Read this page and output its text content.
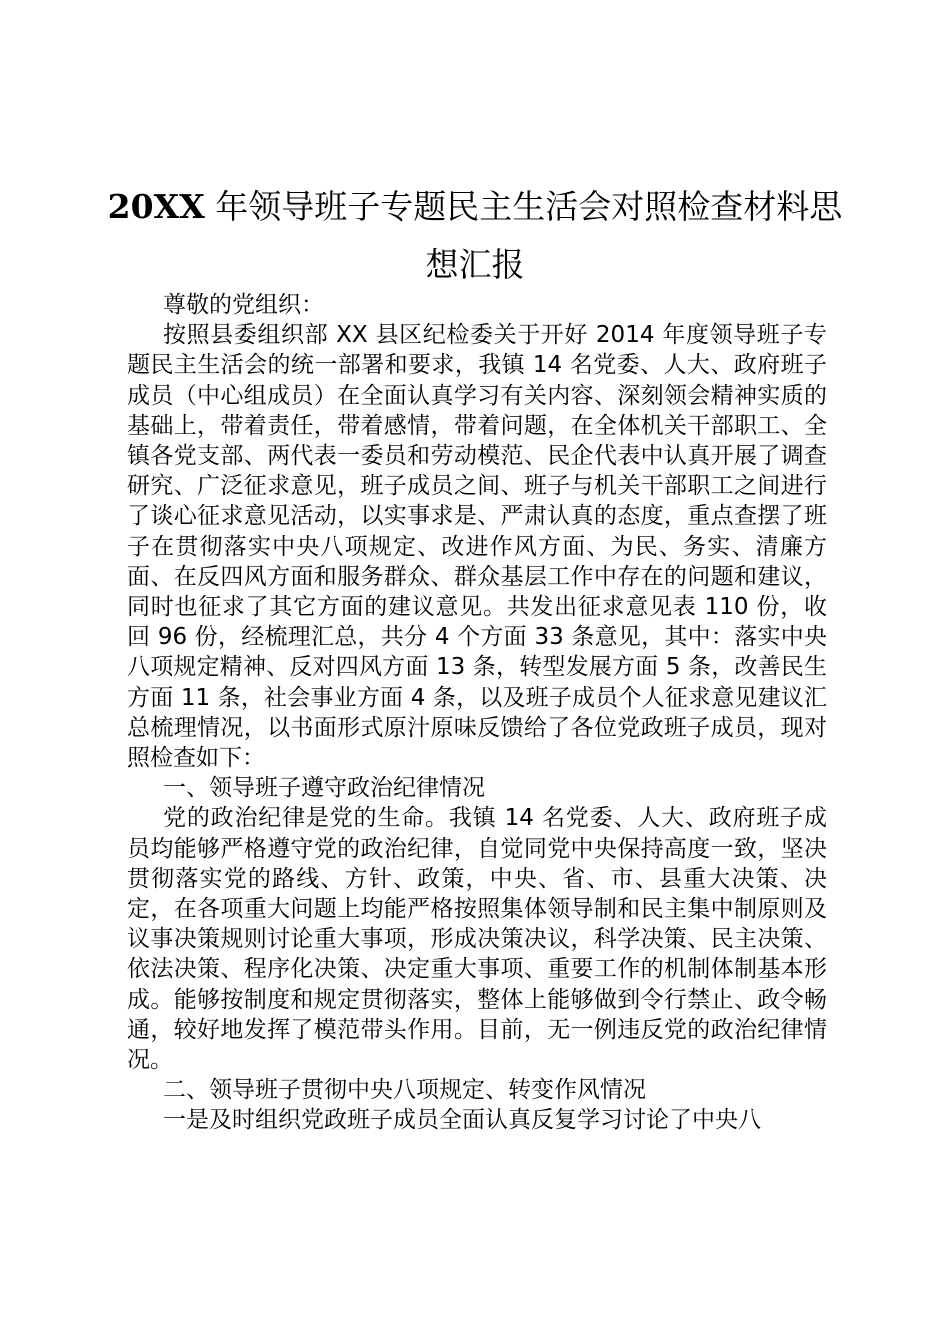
20XX 年领导班子专题民主生活会对照检查材料思想汇报

尊敬的党组织：

按照县委组织部 XX 县区纪检委关于开好 2014 年度领导班子专题民主生活会的统一部署和要求，我镇 14 名党委、人大、政府班子成员（中心组成员）在全面认真学习有关内容、深刻领会精神实质的基础上，带着责任，带着感情，带着问题，在全体机关干部职工、全镇各党支部、两代表一委员和劳动模范、民企代表中认真开展了调查研究、广泛征求意见，班子成员之间、班子与机关干部职工之间进行了谈心征求意见活动，以实事求是、严肃认真的态度，重点查摆了班子在贯彻落实中央八项规定、改进作风方面、为民、务实、清廉方面、在反四风方面和服务群众、群众基层工作中存在的问题和建议，同时也征求了其它方面的建议意见。共发出征求意见表 110 份，收回 96 份，经梳理汇总，共分 4 个方面 33 条意见，其中：落实中央八项规定精神、反对四风方面 13 条，转型发展方面 5 条，改善民生方面 11 条，社会事业方面 4 条，以及班子成员个人征求意见建议汇总梳理情况，以书面形式原汁原味反馈给了各位党政班子成员，现对照检查如下：

一、领导班子遵守政治纪律情况

党的政治纪律是党的生命。我镇 14 名党委、人大、政府班子成员均能够严格遵守党的政治纪律，自觉同党中央保持高度一致，坚决贯彻落实党的路线、方针、政策，中央、省、市、县重大决策、决定，在各项重大问题上均能严格按照集体领导制和民主集中制原则及议事决策规则讨论重大事项，形成决策决议，科学决策、民主决策、依法决策、程序化决策、决定重大事项、重要工作的机制体制基本形成。能够按制度和规定贯彻落实，整体上能够做到令行禁止、政令畅通，较好地发挥了模范带头作用。目前，无一例违反党的政治纪律情况。

二、领导班子贯彻中央八项规定、转变作风情况

一是及时组织党政班子成员全面认真反复学习讨论了中央八
